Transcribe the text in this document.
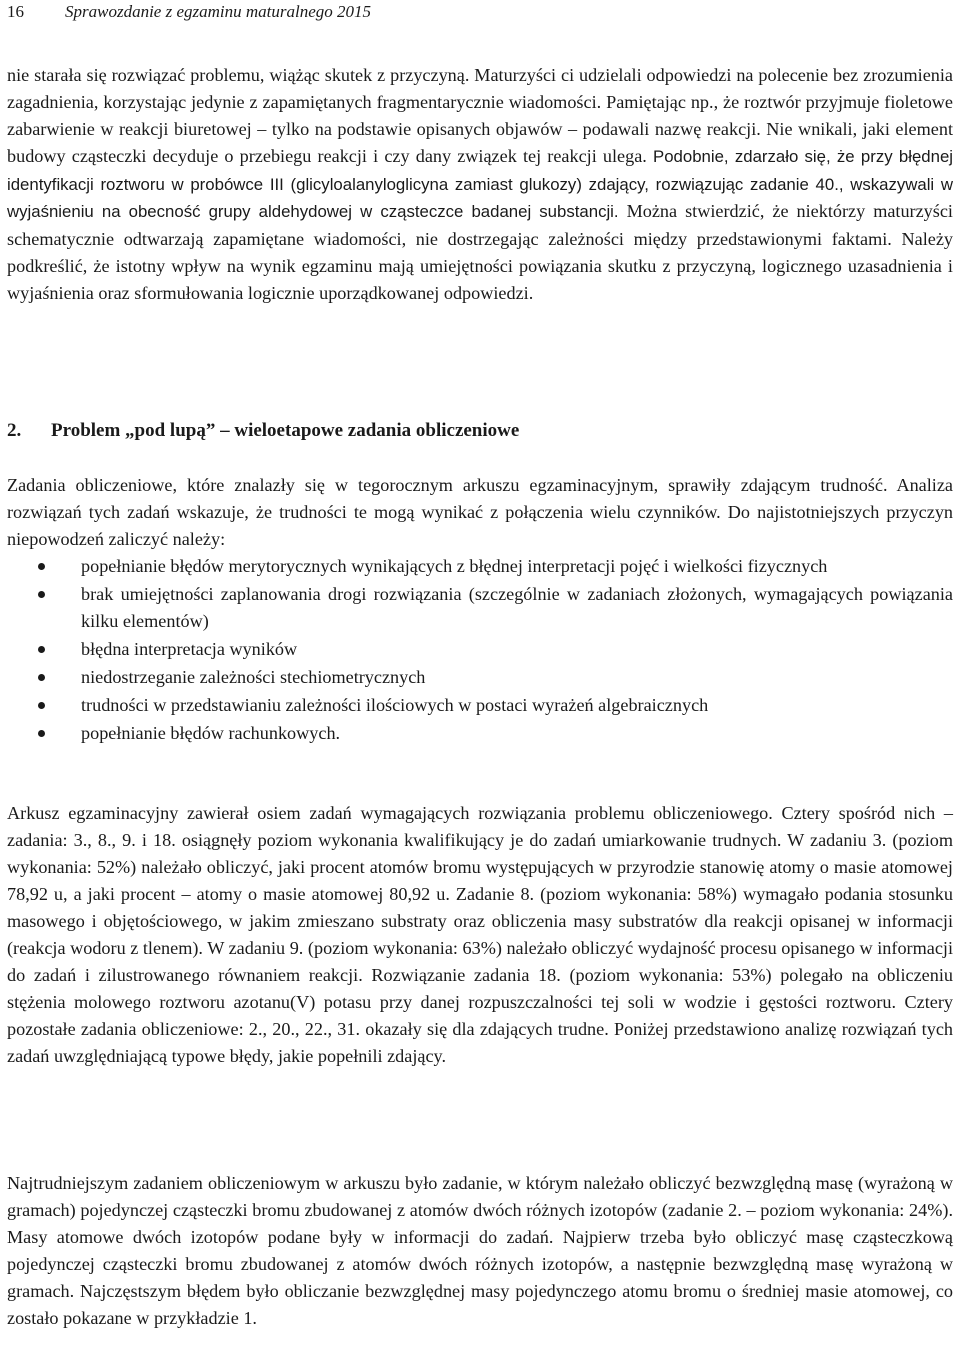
16 Sprawozdanie z egzaminu maturalnego 2015

nie starała się rozwiązać problemu, wiążąc skutek z przyczyną. Maturzyści ci udzielali odpowiedzi na polecenie bez zrozumienia zagadnienia, korzystając jedynie z zapamiętanych fragmentarycznie wiadomości. Pamiętając np., że roztwór przyjmuje fioletowe zabarwienie w reakcji biuretowej – tylko na podstawie opisanych objawów – podawali nazwę reakcji. Nie wnikali, jaki element budowy cząsteczki decyduje o przebiegu reakcji i czy dany związek tej reakcji ulega. Podobnie, zdarzało się, że przy błędnej identyfikacji roztworu w probówce III (glicyloalanyloglicyna zamiast glukozy) zdający, rozwiązując zadanie 40., wskazywali w wyjaśnieniu na obecność grupy aldehydowej w cząsteczce badanej substancji. Można stwierdzić, że niektórzy maturzyści schematycznie odtwarzają zapamiętane wiadomości, nie dostrzegając zależności między przedstawionymi faktami. Należy podkreślić, że istotny wpływ na wynik egzaminu mają umiejętności powiązania skutku z przyczyną, logicznego uzasadnienia i wyjaśnienia oraz sformułowania logicznie uporządkowanej odpowiedzi.

2. Problem „pod lupą” – wieloetapowe zadania obliczeniowe

Zadania obliczeniowe, które znalazły się w tegorocznym arkuszu egzaminacyjnym, sprawiły zdającym trudność. Analiza rozwiązań tych zadań wskazuje, że trudności te mogą wynikać z połączenia wielu czynników. Do najistotniejszych przyczyn niepowodzeń zaliczyć należy:

popełnianie błędów merytorycznych wynikających z błędnej interpretacji pojęć i wielkości fizycznych
brak umiejętności zaplanowania drogi rozwiązania (szczególnie w zadaniach złożonych, wymagających powiązania kilku elementów)
błędna interpretacja wyników
niedostrzeganie zależności stechiometrycznych
trudności w przedstawianiu zależności ilościowych w postaci wyrażeń algebraicznych
popełnianie błędów rachunkowych.

Arkusz egzaminacyjny zawierał osiem zadań wymagających rozwiązania problemu obliczeniowego. Cztery spośród nich – zadania: 3., 8., 9. i 18. osiągnęły poziom wykonania kwalifikujący je do zadań umiarkowanie trudnych. W zadaniu 3. (poziom wykonania: 52%) należało obliczyć, jaki procent atomów bromu występujących w przyrodzie stanowię atomy o masie atomowej 78,92 u, a jaki procent – atomy o masie atomowej 80,92 u. Zadanie 8. (poziom wykonania: 58%) wymagało podania stosunku masowego i objętościowego, w jakim zmieszano substraty oraz obliczenia masy substratów dla reakcji opisanej w informacji (reakcja wodoru z tlenem). W zadaniu 9. (poziom wykonania: 63%) należało obliczyć wydajność procesu opisanego w informacji do zadań i zilustrowanego równaniem reakcji. Rozwiązanie zadania 18. (poziom wykonania: 53%) polegało na obliczeniu stężenia molowego roztworu azotanu(V) potasu przy danej rozpuszczalności tej soli w wodzie i gęstości roztworu. Cztery pozostałe zadania obliczeniowe: 2., 20., 22., 31. okazały się dla zdających trudne. Poniżej przedstawiono analizę rozwiązań tych zadań uwzględniającą typowe błędy, jakie popełnili zdający.

Najtrudniejszym zadaniem obliczeniowym w arkuszu było zadanie, w którym należało obliczyć bezwzględną masę (wyrażoną w gramach) pojedynczej cząsteczki bromu zbudowanej z atomów dwóch różnych izotopów (zadanie 2. – poziom wykonania: 24%). Masy atomowe dwóch izotopów podane były w informacji do zadań. Najpierw trzeba było obliczyć masę cząsteczkową pojedynczej cząsteczki bromu zbudowanej z atomów dwóch różnych izotopów, a następnie bezwzględną masę wyrażoną w gramach. Najczęstszym błędem było obliczanie bezwzględnej masy pojedynczego atomu bromu o średniej masie atomowej, co zostało pokazane w przykładzie 1.
